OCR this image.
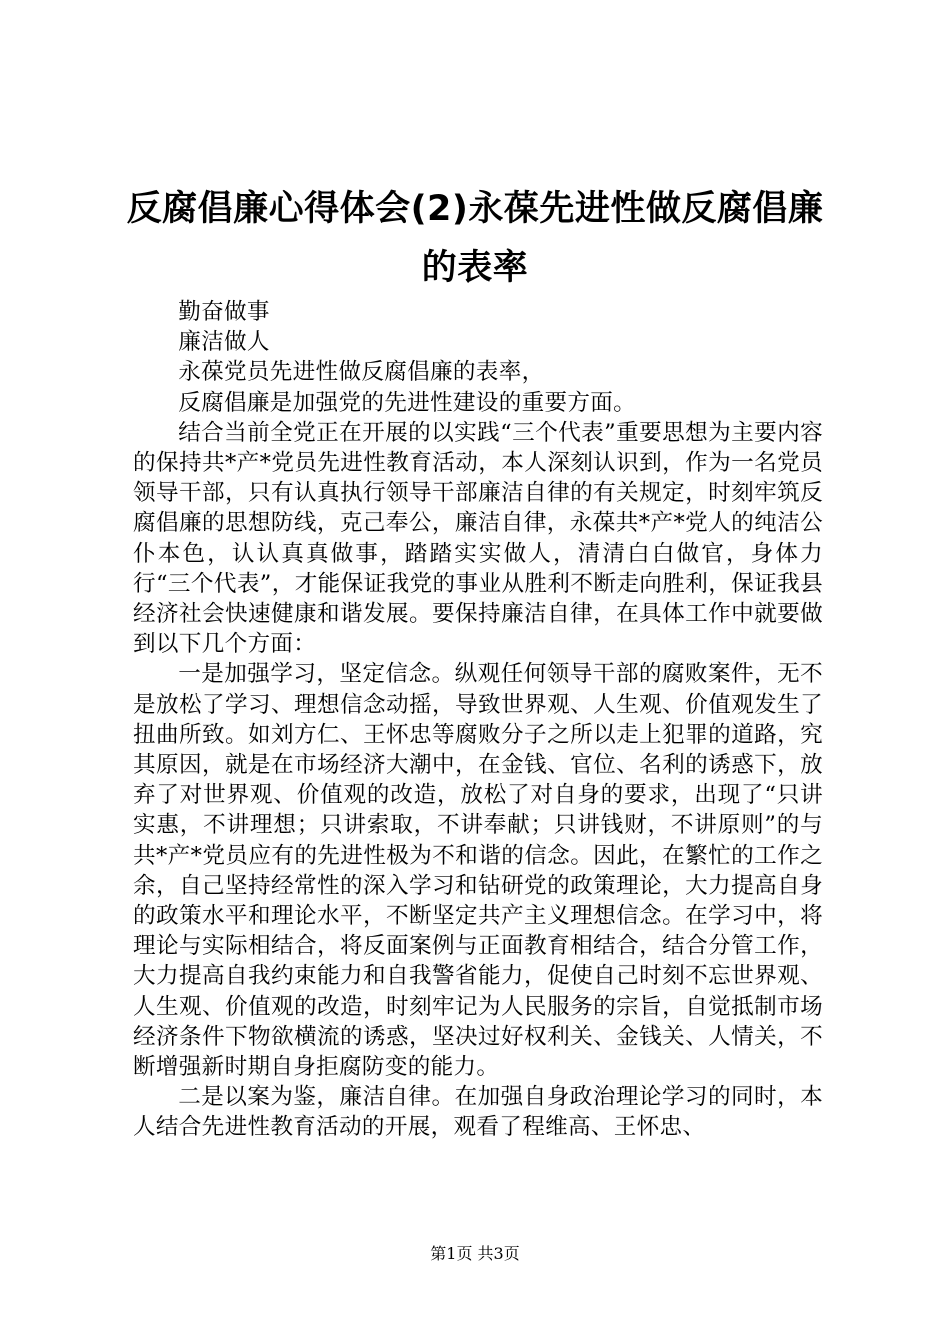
反腐倡廉心得体会(2)永葆先进性做反腐倡廉
的表率

勤奋做事

廉洁做人

永葆党员先进性做反腐倡廉的表率，

反腐倡廉是加强党的先进性建设的重要方面。

结合当前全党正在开展的以实践“三个代表”重要思想为主要内容的保持共*产*党员先进性教育活动，本人深刻认识到，作为一名党员领导干部，只有认真执行领导干部廉洁自律的有关规定，时刻牢筑反腐倡廉的思想防线，克己奉公，廉洁自律，永葆共*产*党人的纯洁公仆本色，认认真真做事，踏踏实实做人，清清白白做官，身体力行“三个代表”，才能保证我党的事业从胜利不断走向胜利，保证我县经济社会快速健康和谐发展。要保持廉洁自律，在具体工作中就要做到以下几个方面：

一是加强学习，坚定信念。纵观任何领导干部的腐败案件，无不是放松了学习、理想信念动摇，导致世界观、人生观、价值观发生了扭曲所致。如刘方仁、王怀忠等腐败分子之所以走上犯罪的道路，究其原因，就是在市场经济大潮中，在金钱、官位、名利的诱惑下，放弃了对世界观、价值观的改造，放松了对自身的要求，出现了“只讲实惠，不讲理想；只讲索取，不讲奉献；只讲钱财，不讲原则”的与共*产*党员应有的先进性极为不和谐的信念。因此，在繁忙的工作之余，自己坚持经常性的深入学习和钻研党的政策理论，大力提高自身的政策水平和理论水平，不断坚定共产主义理想信念。在学习中，将理论与实际相结合，将反面案例与正面教育相结合，结合分管工作，大力提高自我约束能力和自我警省能力，促使自己时刻不忘世界观、人生观、价值观的改造，时刻牢记为人民服务的宗旨，自觉抵制市场经济条件下物欲横流的诱惑，坚决过好权利关、金钱关、人情关，不断增强新时期自身拒腐防变的能力。

二是以案为鉴，廉洁自律。在加强自身政治理论学习的同时，本人结合先进性教育活动的开展，观看了程维高、王怀忠、

第1页 共3页
